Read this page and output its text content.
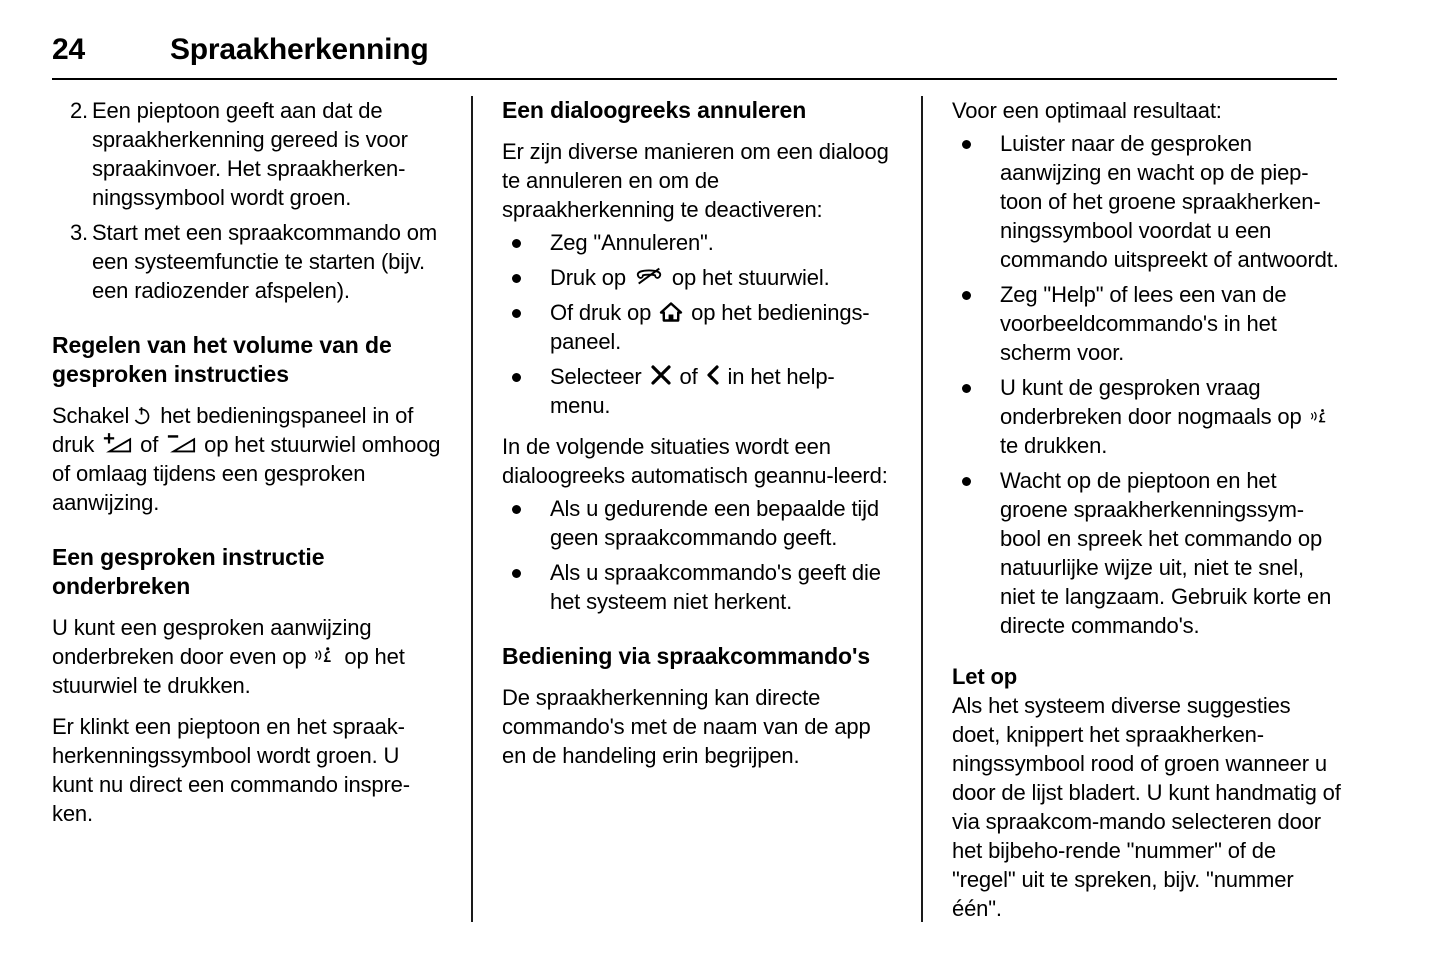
24	Spraakherkenning
2. Een pieptoon geeft aan dat de spraakherkenning gereed is voor spraakinvoer. Het spraakherken-ningssymbool wordt groen.
3. Start met een spraakcommando om een systeemfunctie te starten (bijv. een radiozender afspelen).
Regelen van het volume van de gesproken instructies

Schakel het bedieningspaneel in of druk of op het stuurwiel omhoog of omlaag tijdens een gesproken aanwijzing.

Een gesproken instructie onderbreken

U kunt een gesproken aanwijzing onderbreken door even op op het stuurwiel te drukken.

Er klinkt een pieptoon en het spraak-herkenningssymbool wordt groen. U kunt nu direct een commando inspre-ken.

Een dialoogreeks annuleren

Er zijn diverse manieren om een dialoog te annuleren en om de spraakherkenning te deactiveren:

Zeg "Annuleren".
Druk op op het stuurwiel.
Of druk op op het bedienings-paneel.
Selecteer of in het help-menu.

In de volgende situaties wordt een dialoogreeks automatisch geannu-leerd:

Als u gedurende een bepaalde tijd geen spraakcommando geeft.
Als u spraakcommando's geeft die het systeem niet herkent.
Bediening via spraakcommando's

De spraakherkenning kan directe commando's met de naam van de app en de handeling erin begrijpen.

Voor een optimaal resultaat:

Luister naar de gesproken aanwijzing en wacht op de piep-toon of het groene spraakherken-ningssymbool voordat u een commando uitspreekt of antwoordt.
Zeg "Help" of lees een van de voorbeeldcommando's in het scherm voor.
U kunt de gesproken vraag onderbreken door nogmaals op
te drukken.
Wacht op de pieptoon en het groene spraakherkenningssym-bool en spreek het commando op natuurlijke wijze uit, niet te snel, niet te langzaam. Gebruik korte en directe commando's.
Let op

Als het systeem diverse suggesties doet, knippert het spraakherken-ningssymbool rood of groen wanneer u door de lijst bladert. U kunt handmatig of via spraakcom-mando selecteren door het bijbeho-rende "nummer" of de "regel" uit te spreken, bijv. "nummer één".
